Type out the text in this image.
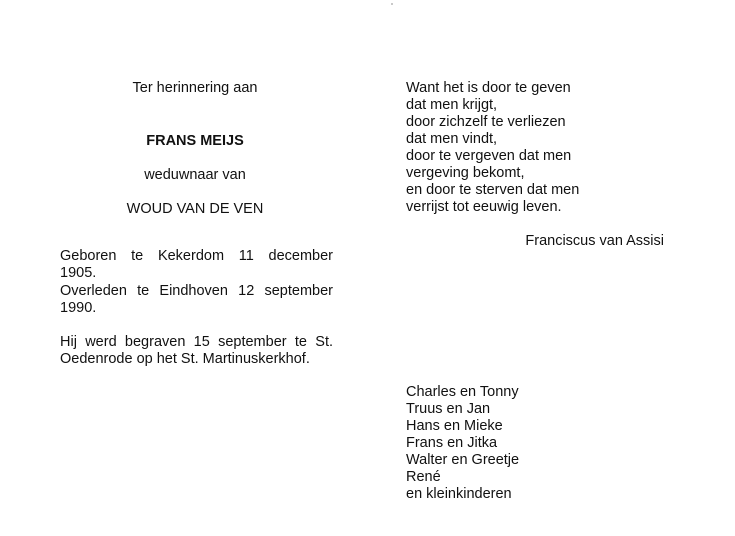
Ter herinnering aan
FRANS MEIJS
weduwnaar van
WOUD VAN DE VEN
Geboren te Kekerdom 11 december
1905.
Overleden te Eindhoven 12 september
1990.
Hij werd begraven 15 september te St.
Oedenrode op het St. Martinuskerkhof.
Want het is door te geven
dat men krijgt,
door zichzelf te verliezen
dat men vindt,
door te vergeven dat men
vergeving bekomt,
en door te sterven dat men
verrijst tot eeuwig leven.
Franciscus van Assisi
Charles en Tonny
Truus en Jan
Hans en Mieke
Frans en Jitka
Walter en Greetje
René
en kleinkinderen
